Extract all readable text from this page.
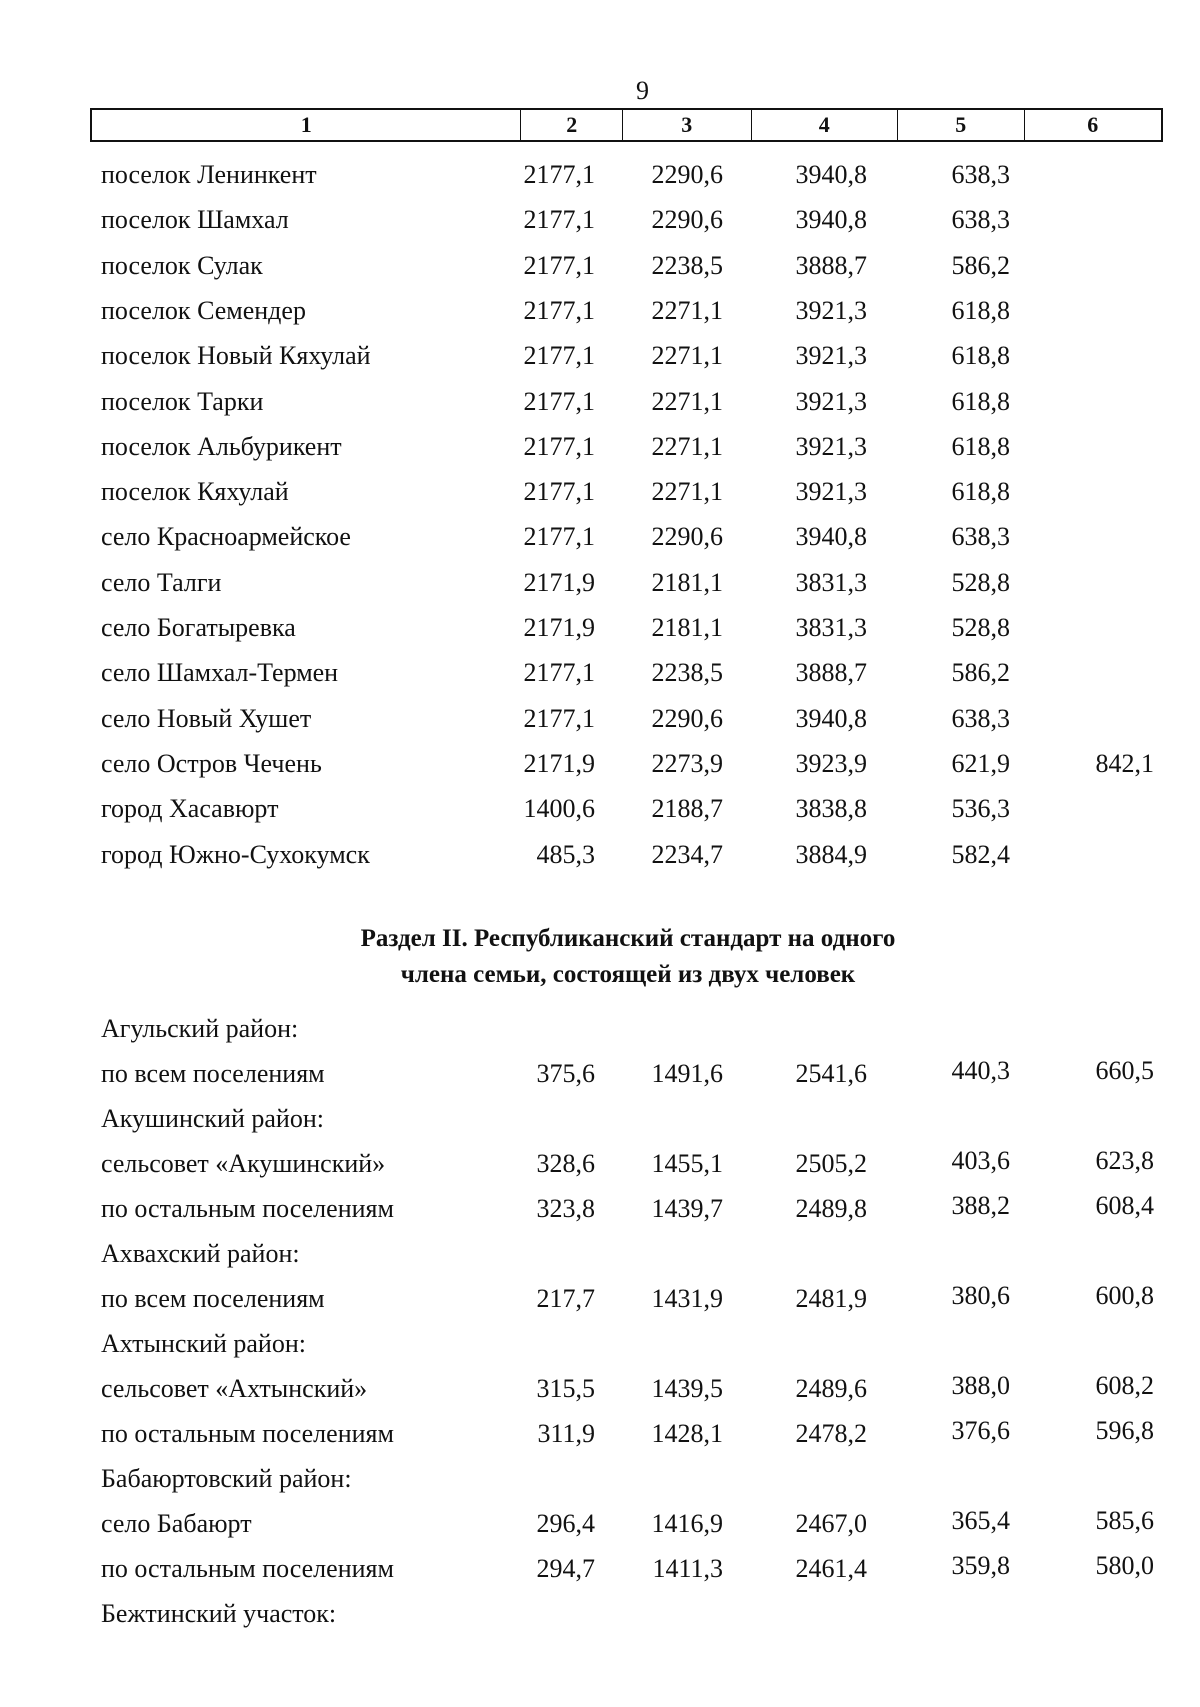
9
1	2	3	4	5	6
поселок Ленинкент	2177,1	2290,6	3940,8	638,3
поселок Шамхал	2177,1	2290,6	3940,8	638,3
поселок Сулак	2177,1	2238,5	3888,7	586,2
поселок Семендер	2177,1	2271,1	3921,3	618,8
поселок Новый Кяхулай	2177,1	2271,1	3921,3	618,8
поселок Тарки	2177,1	2271,1	3921,3	618,8
поселок Альбурикент	2177,1	2271,1	3921,3	618,8
поселок Кяхулай	2177,1	2271,1	3921,3	618,8
село Красноармейское	2177,1	2290,6	3940,8	638,3
село Талги	2171,9	2181,1	3831,3	528,8
село Богатыревка	2171,9	2181,1	3831,3	528,8
село Шамхал-Термен	2177,1	2238,5	3888,7	586,2
село Новый Хушет	2177,1	2290,6	3940,8	638,3
село Остров Чечень	2171,9	2273,9	3923,9	621,9	842,1
город Хасавюрт	1400,6	2188,7	3838,8	536,3
город Южно-Сухокумск	485,3	2234,7	3884,9	582,4
Раздел II. Республиканский стандарт на одного
члена семьи, состоящей из двух человек
Агульский район:
по всем поселениям	375,6	1491,6	2541,6	440,3	660,5
Акушинский район:
сельсовет «Акушинский»	328,6	1455,1	2505,2	403,6	623,8
по остальным поселениям	323,8	1439,7	2489,8	388,2	608,4
Ахвахский район:
по всем поселениям	217,7	1431,9	2481,9	380,6	600,8
Ахтынский район:
сельсовет «Ахтынский»	315,5	1439,5	2489,6	388,0	608,2
по остальным поселениям	311,9	1428,1	2478,2	376,6	596,8
Бабаюртовский район:
село Бабаюрт	296,4	1416,9	2467,0	365,4	585,6
по остальным поселениям	294,7	1411,3	2461,4	359,8	580,0
Бежтинский участок:
